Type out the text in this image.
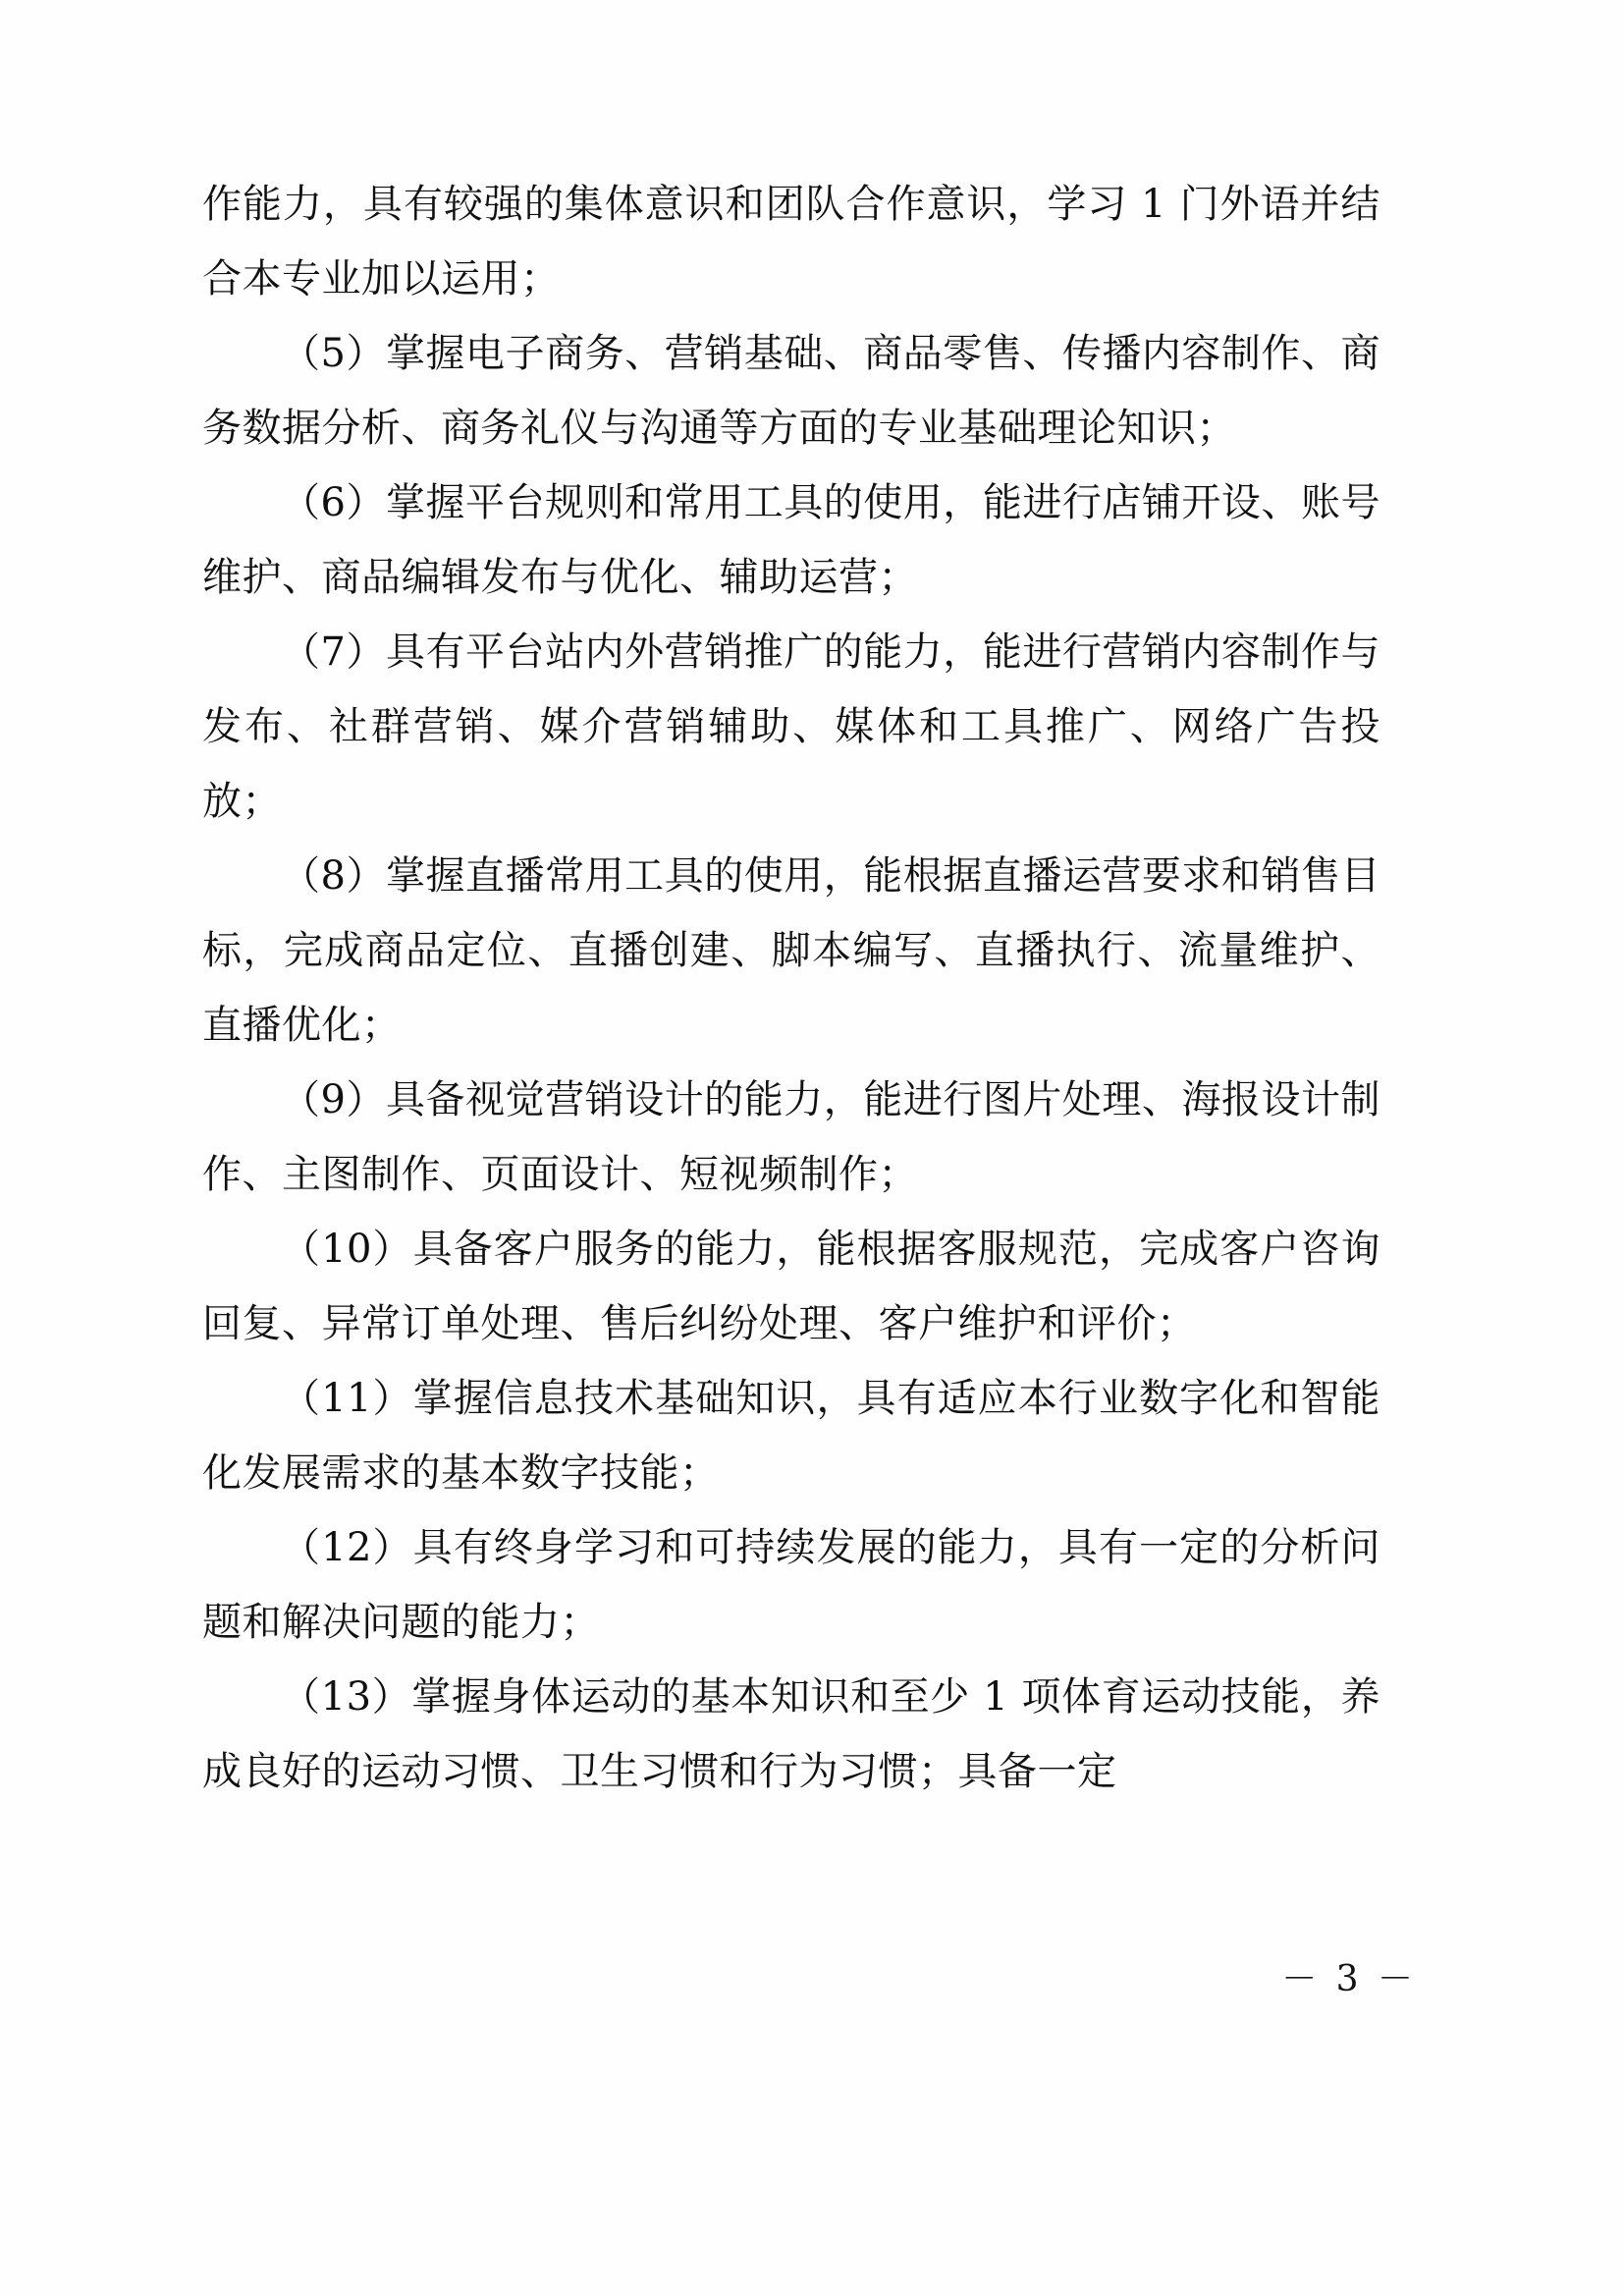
作能力，具有较强的集体意识和团队合作意识，学习 1 门外语并结合本专业加以运用；

（5）掌握电子商务、营销基础、商品零售、传播内容制作、商务数据分析、商务礼仪与沟通等方面的专业基础理论知识；

（6）掌握平台规则和常用工具的使用，能进行店铺开设、账号维护、商品编辑发布与优化、辅助运营；

（7）具有平台站内外营销推广的能力，能进行营销内容制作与发布、社群营销、媒介营销辅助、媒体和工具推广、网络广告投放；

（8）掌握直播常用工具的使用，能根据直播运营要求和销售目标，完成商品定位、直播创建、脚本编写、直播执行、流量维护、直播优化；

（9）具备视觉营销设计的能力，能进行图片处理、海报设计制作、主图制作、页面设计、短视频制作；

（10）具备客户服务的能力，能根据客服规范，完成客户咨询回复、异常订单处理、售后纠纷处理、客户维护和评价；

（11）掌握信息技术基础知识，具有适应本行业数字化和智能化发展需求的基本数字技能；

（12）具有终身学习和可持续发展的能力，具有一定的分析问题和解决问题的能力；

（13）掌握身体运动的基本知识和至少 1 项体育运动技能，养成良好的运动习惯、卫生习惯和行为习惯；具备一定

－ 3 －
